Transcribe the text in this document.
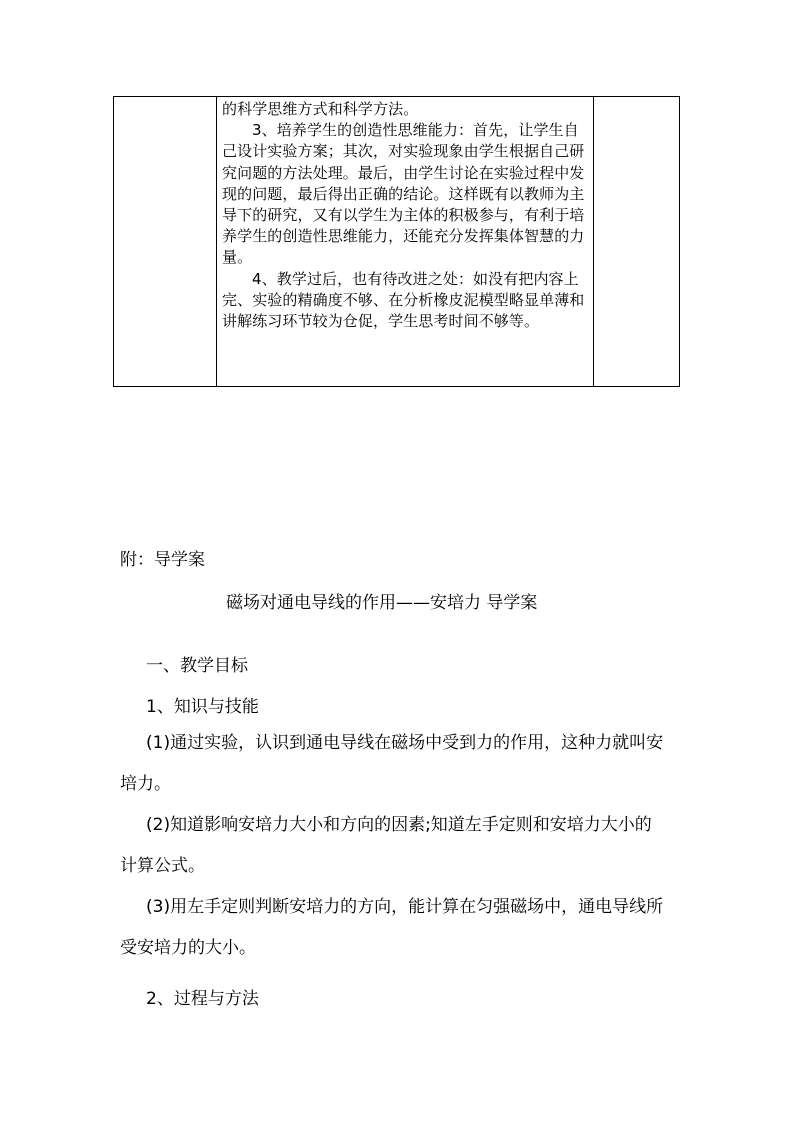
的科学思维方式和科学方法。

3、培养学生的创造性思维能力：首先，让学生自己设计实验方案；其次，对实验现象由学生根据自己研究问题的方法处理。最后，由学生讨论在实验过程中发现的问题，最后得出正确的结论。这样既有以教师为主导下的研究，又有以学生为主体的积极参与，有利于培养学生的创造性思维能力，还能充分发挥集体智慧的力量。

4、教学过后，也有待改进之处：如没有把内容上完、实验的精确度不够、在分析橡皮泥模型略显单薄和讲解练习环节较为仓促，学生思考时间不够等。

附：导学案
磁场对通电导线的作用——安培力 导学案
一、教学目标
1、知识与技能

(1)通过实验，认识到通电导线在磁场中受到力的作用，这种力就叫安培力。

(2)知道影响安培力大小和方向的因素;知道左手定则和安培力大小的计算公式。

(3)用左手定则判断安培力的方向，能计算在匀强磁场中，通电导线所受安培力的大小。

2、过程与方法
